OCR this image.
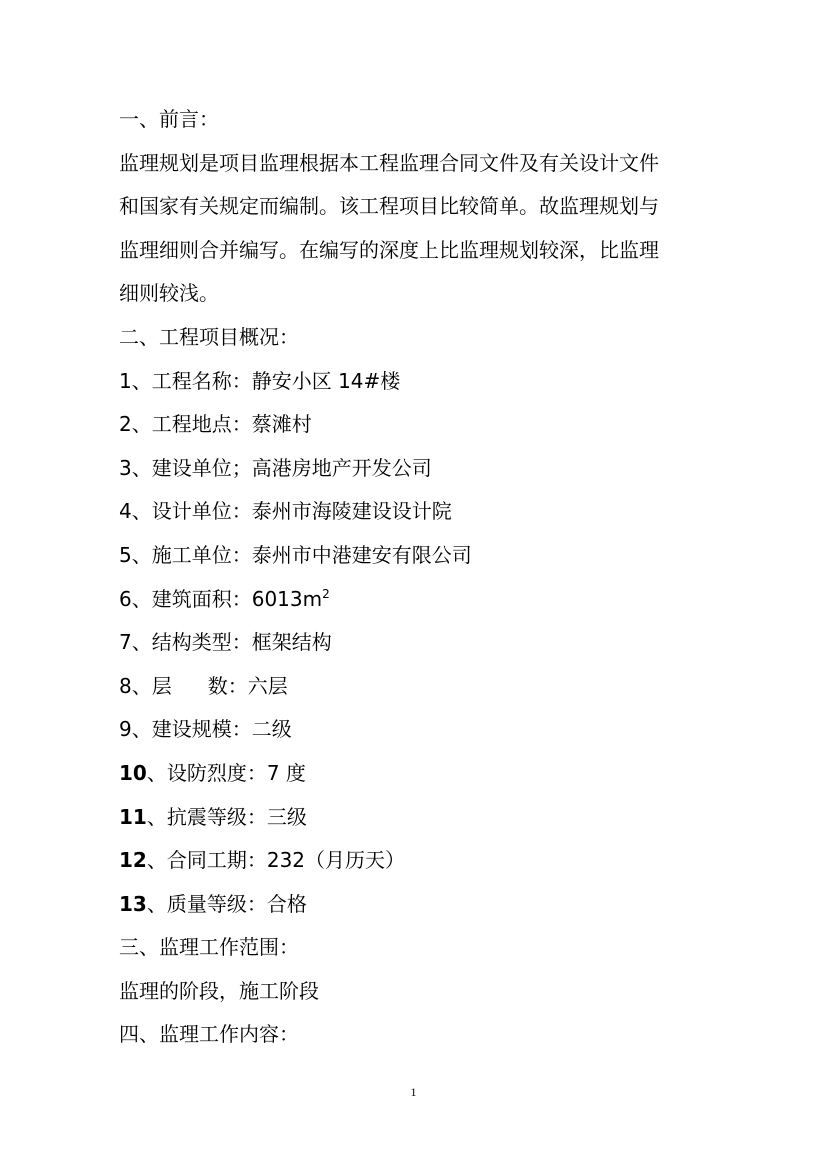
一、前言：
监理规划是项目监理根据本工程监理合同文件及有关设计文件
和国家有关规定而编制。该工程项目比较简单。故监理规划与
监理细则合并编写。在编写的深度上比监理规划较深，比监理
细则较浅。
二、工程项目概况：
1、工程名称：静安小区 14#楼
2、工程地点：蔡滩村
3、建设单位；高港房地产开发公司
4、设计单位：泰州市海陵建设设计院
5、施工单位：泰州市中港建安有限公司
6、建筑面积：$6013m^2$
7、结构类型：框架结构
8、层 数：六层
9、建设规模：二级
10、设防烈度：7 度
11、抗震等级：三级
12、合同工期：232（月历天）
13、质量等级：合格
三、监理工作范围：
监理的阶段，施工阶段
四、监理工作内容：
1
